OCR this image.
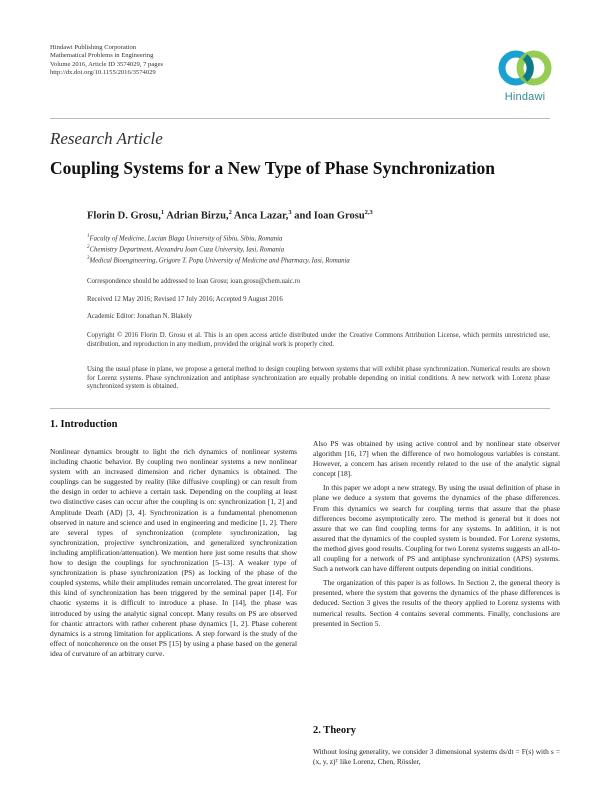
Hindawi Publishing Corporation
Mathematical Problems in Engineering
Volume 2016, Article ID 3574029, 7 pages
http://dx.doi.org/10.1155/2016/3574029
Hindawi
Research Article
Coupling Systems for a New Type of Phase Synchronization
Florin D. Grosu,$^1$ Adrian Birzu,$^2$ Anca Lazar,$^3$ and Ioan Grosu$^{2,3}$
$^1$Faculty of Medicine, Lucian Blaga University of Sibiu, Sibiu, Romania
$^2$Chemistry Department, Alexandru Ioan Cuza University, Iasi, Romania
$^3$Medical Bioengineering, Grigore T. Popa University of Medicine and Pharmacy, Iasi, Romania
Correspondence should be addressed to Ioan Grosu; ioan.grosu@chem.uaic.ro
Received 12 May 2016; Revised 17 July 2016; Accepted 9 August 2016
Academic Editor: Jonathan N. Blakely
Copyright © 2016 Florin D. Grosu et al. This is an open access article distributed under the Creative Commons Attribution License, which permits unrestricted use, distribution, and reproduction in any medium, provided the original work is properly cited.
Using the usual phase in plane, we propose a general method to design coupling between systems that will exhibit phase synchronization. Numerical results are shown for Lorenz systems. Phase synchronization and antiphase synchronization are equally probable depending on initial conditions. A new network with Lorenz phase synchronized system is obtained.
1. Introduction

Nonlinear dynamics brought to light the rich dynamics of nonlinear systems including chaotic behavior. By coupling two nonlinear systems a new nonlinear system with an increased dimension and richer dynamics is obtained. The couplings can be suggested by reality (like diffusive coupling) or can result from the design in order to achieve a certain task. Depending on the coupling at least two distinctive cases can occur after the coupling is on: synchronization [1, 2] and Amplitude Death (AD) [3, 4]. Synchronization is a fundamental phenomenon observed in nature and science and used in engineering and medicine [1, 2]. There are several types of synchronization (complete synchronization, lag synchronization, projective synchronization, and generalized synchronization including amplification/attenuation). We mention here just some results that show how to design the couplings for synchronization [5–13]. A weaker type of synchronization is phase synchronization (PS) as locking of the phase of the coupled systems, while their amplitudes remain uncorrelated. The great interest for this kind of synchronization has been triggered by the seminal paper [14]. For chaotic systems it is difficult to introduce a phase. In [14], the phase was introduced by using the analytic signal concept. Many results on PS are observed for chaotic attractors with rather coherent phase dynamics [1, 2]. Phase coherent dynamics is a strong limitation for applications. A step forward is the study of the effect of noncoherence on the onset PS [15] by using a phase based on the general idea of curvature of an arbitrary curve.

Also PS was obtained by using active control and by nonlinear state observer algorithm [16, 17] when the difference of two homologous variables is constant. However, a concern has arisen recently related to the use of the analytic signal concept [18].

In this paper we adopt a new strategy. By using the usual definition of phase in plane we deduce a system that governs the dynamics of the phase differences. From this dynamics we search for coupling terms that assure that the phase differences become asymptotically zero. The method is general but it does not assure that we can find coupling terms for any systems. In addition, it is not assured that the dynamics of the coupled system is bounded. For Lorenz systems, the method gives good results. Coupling for two Lorenz systems suggests an all-to-all coupling for a network of PS and antiphase synchronization (APS) systems. Such a network can have different outputs depending on initial conditions.

The organization of this paper is as follows. In Section 2, the general theory is presented, where the system that governs the dynamics of the phase differences is deduced. Section 3 gives the results of the theory applied to Lorenz systems with numerical results. Section 4 contains several comments. Finally, conclusions are presented in Section 5.

2. Theory

Without losing generality, we consider 3 dimensional systems ds/dt = F(s) with s = (x, y, z)ᵀ like Lorenz, Chen, Rössler,
